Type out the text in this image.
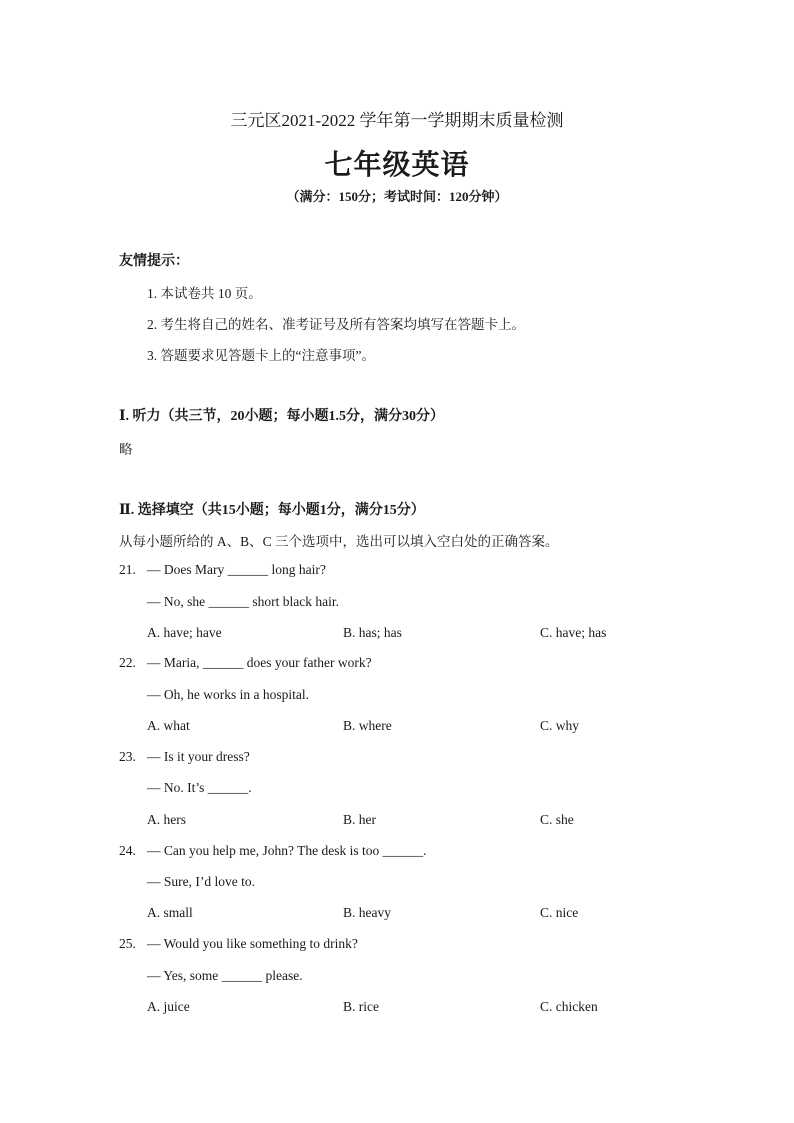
三元区2021-2022 学年第一学期期末质量检测
七年级英语
（满分：150分；考试时间：120分钟）
友情提示：
1. 本试卷共 10 页。
2. 考生将自己的姓名、准考证号及所有答案均填写在答题卡上。
3. 答题要求见答题卡上的“注意事项”。
Ⅰ. 听力（共三节，20小题；每小题1.5分，满分30分）
略
Ⅱ. 选择填空（共15小题；每小题1分，满分15分）
从每小题所给的 A、B、C 三个选项中，选出可以填入空白处的正确答案。
21. — Does Mary ______ long hair?
— No, she ______ short black hair.
A. have; have	B. has; has	C. have; has
22. — Maria, ______ does your father work?
— Oh, he works in a hospital.
A. what	B. where	C. why
23. — Is it your dress?
— No. It’s ______.
A. hers	B. her	C. she
24. — Can you help me, John? The desk is too ______.
— Sure, I’d love to.
A. small	B. heavy	C. nice
25. — Would you like something to drink?
— Yes, some ______ please.
A. juice	B. rice	C. chicken
